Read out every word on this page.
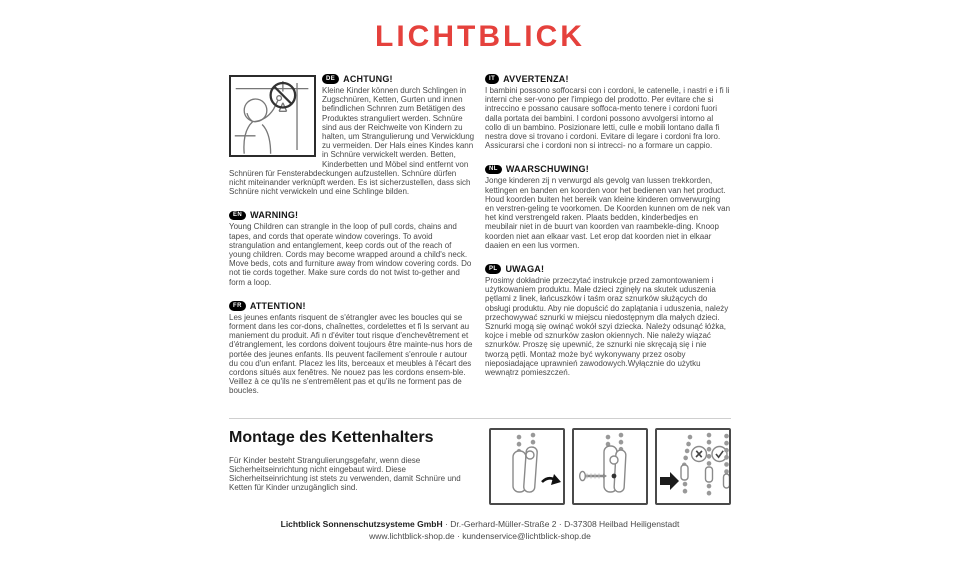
LICHTBLICK
DE ACHTUNG!

Kleine Kinder können durch Schlingen in Zugschnüren, Ketten, Gurten und innen befindlichen Schnren zum Betätigen des Produktes stranguliert werden. Schnüre sind aus der Reichweite von Kindern zu halten, um Strangulierung und Verwicklung zu vermeiden. Der Hals eines Kindes kann in Schnüre verwickelt werden. Betten, Kinderbetten und Möbel sind entfernt von Schnüren für Fensterabdeckungen aufzustellen. Schnüre dürfen nicht miteinander verknüpft werden. Es ist sicherzustellen, dass sich Schnüre nicht verwickeln und eine Schlinge bilden.

EN WARNING!

Young Children can strangle in the loop of pull cords, chains and tapes, and cords that operate window coverings. To avoid strangulation and entanglement, keep cords out of the reach of young children. Cords may become wrapped around a child's neck. Move beds, cots and furniture away from window covering cords. Do not tie cords together. Make sure cords do not twist to-gether and form a loop.

FR ATTENTION!

Les jeunes enfants risquent de s'étrangler avec les boucles qui se forment dans les cor-dons, chaînettes, cordelettes et fi ls servant au maniement du produit. Afi n d'éviter tout risque d'enchevêtrement et d'étranglement, les cordons doivent toujours être mainte-nus hors de portée des jeunes enfants. Ils peuvent facilement s'enroule r autour du cou d'un enfant. Placez les lits, berceaux et meubles à l'écart des cordons situés aux fenêtres. Ne nouez pas les cordons ensem-ble. Veillez à ce qu'ils ne s'entremêlent pas et qu'ils ne forment pas de boucles.

IT AVVERTENZA!

I bambini possono soffocarsi con i cordoni, le catenelle, i nastri e i fi li interni che ser-vono per l'impiego del prodotto. Per evitare che si intreccino e possano causare soffoca-mento tenere i cordoni fuori dalla portata dei bambini. I cordoni possono avvolgersi intorno al collo di un bambino. Posizionare letti, culle e mobili lontano dalla fi nestra dove si trovano i cordoni. Evitare di legare i cordoni fra loro. Assicurarsi che i cordoni non si intrecci- no a formare un cappio.

NL WAARSCHUWING!

Jonge kinderen zij n verwurgd als gevolg van lussen trekkorden, kettingen en banden en koorden voor het bedienen van het product. Houd koorden buiten het bereik van kleine kinderen omverwurging en verstren-geling te voorkomen. De Koorden kunnen om de nek van het kind verstrengeld raken. Plaats bedden, kinderbedjes en meubilair niet in de buurt van koorden van raambekle-ding. Knoop koorden niet aan elkaar vast. Let erop dat koorden niet in elkaar daaien en een lus vormen.

PL UWAGA!

Prosimy dokładnie przeczytać instrukcje przed zamontowaniem i użytkowaniem produktu. Małe dzieci zginęły na skutek uduszenia pętlami z linek, łańcuszków i taśm oraz sznurków służących do obsługi produktu. Aby nie dopuścić do zaplątania i uduszenia, należy przechowywać sznurki w miejscu niedostępnym dla małych dzieci. Sznurki mogą się owinąć wokół szyi dziecka. Należy odsunąć łóżka, kojce i meble od sznurków zasłon okiennych. Nie należy wiązać sznurków. Proszę się upewnić, że sznurki nie skręcają się i nie tworzą pętli. Montaż może być wykonywany przez osoby nieposiadające uprawnień zawodowych.Wyłącznie do użytku wewnątrz pomieszczeń.

Montage des Kettenhalters

Für Kinder besteht Strangulierungsgefahr, wenn diese Sicherheitseinrichtung nicht eingebaut wird. Diese Sicherheitseinrichtung ist stets zu verwenden, damit Schnüre und Ketten für Kinder unzugänglich sind.

Lichtblick Sonnenschutzsysteme GmbH · Dr.-Gerhard-Müller-Straße 2 · D-37308 Heilbad Heiligenstadt
www.lichtblick-shop.de · kundenservice@lichtblick-shop.de
